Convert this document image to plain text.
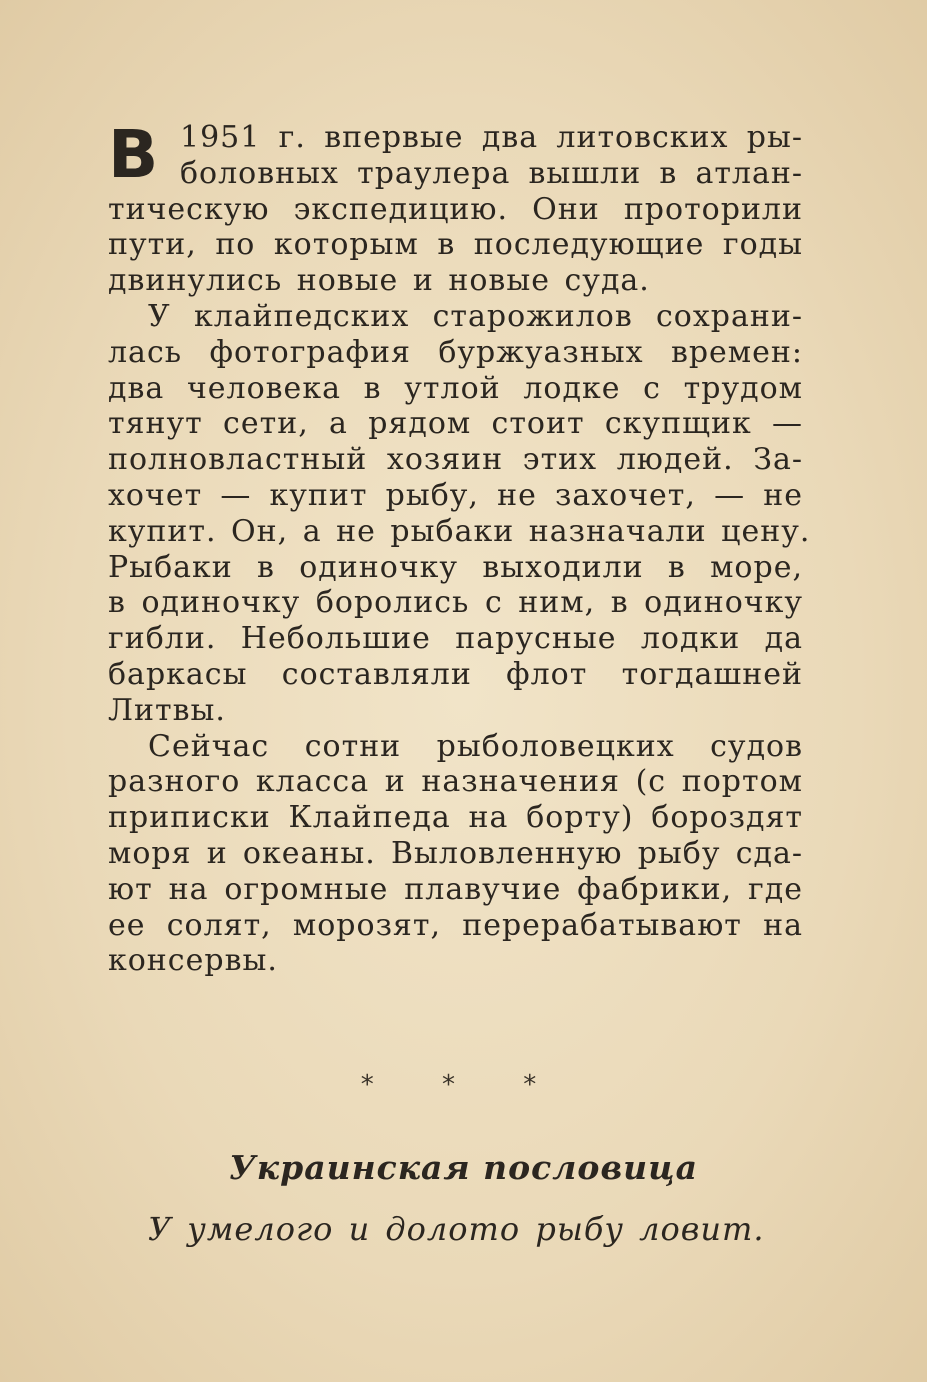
В 1951 г. впервые два литовских ры-
боловных траулера вышли в атлан-
тическую экспедицию. Они проторили
пути, по которым в последующие годы
двинулись новые и новые суда.
У клайпедских старожилов сохрани-
лась фотография буржуазных времен:
два человека в утлой лодке с трудом
тянут сети, а рядом стоит скупщик —
полновластный хозяин этих людей. За-
хочет — купит рыбу, не захочет, — не
купит. Он, а не рыбаки назначали цену.
Рыбаки в одиночку выходили в море,
в одиночку боролись с ним, в одиночку
гибли. Небольшие парусные лодки да
баркасы составляли флот тогдашней
Литвы.
Сейчас сотни рыболовецких судов
разного класса и назначения (с портом
приписки Клайпеда на борту) бороздят
моря и океаны. Выловленную рыбу сда-
ют на огромные плавучие фабрики, где
ее солят, морозят, перерабатывают на
консервы.
* * *
Украинская пословица
У умелого и долото рыбу ловит.
